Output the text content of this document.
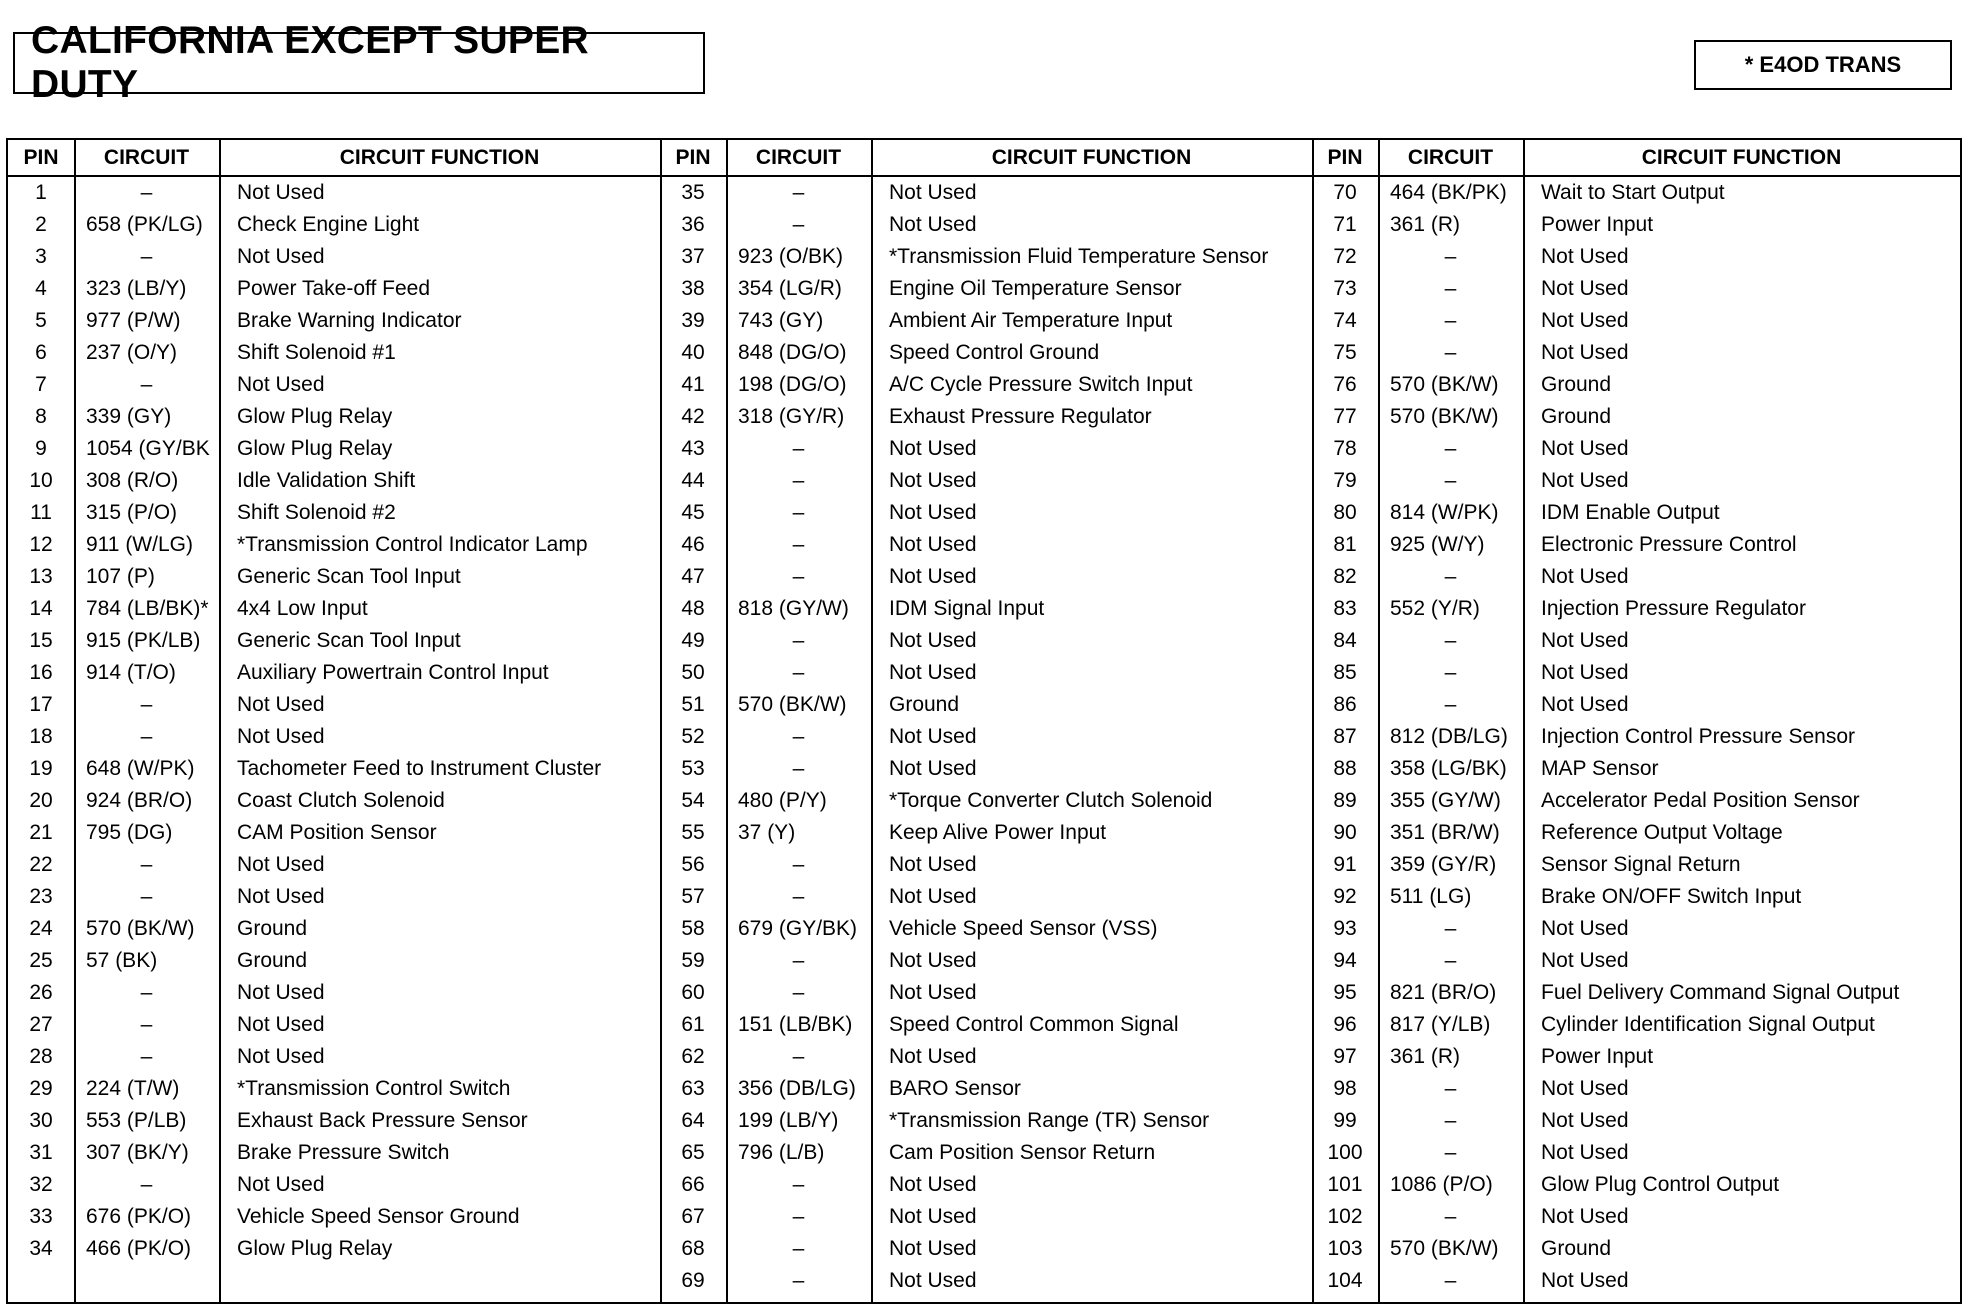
CALIFORNIA EXCEPT SUPER DUTY	* E4OD TRANS
PIN	CIRCUIT	CIRCUIT FUNCTION
1	–	Not Used
2	658 (PK/LG)	Check Engine Light
3	–	Not Used
4	323 (LB/Y)	Power Take-off Feed
5	977 (P/W)	Brake Warning Indicator
6	237 (O/Y)	Shift Solenoid #1
7	–	Not Used
8	339 (GY)	Glow Plug Relay
9	1054 (GY/BK	Glow Plug Relay
10	308 (R/O)	Idle Validation Shift
11	315 (P/O)	Shift Solenoid #2
12	911 (W/LG)	*Transmission Control Indicator Lamp
13	107 (P)	Generic Scan Tool Input
14	784 (LB/BK)*	4x4 Low Input
15	915 (PK/LB)	Generic Scan Tool Input
16	914 (T/O)	Auxiliary Powertrain Control Input
17	–	Not Used
18	–	Not Used
19	648 (W/PK)	Tachometer Feed to Instrument Cluster
20	924 (BR/O)	Coast Clutch Solenoid
21	795 (DG)	CAM Position Sensor
22	–	Not Used
23	–	Not Used
24	570 (BK/W)	Ground
25	57 (BK)	Ground
26	–	Not Used
27	–	Not Used
28	–	Not Used
29	224 (T/W)	*Transmission Control Switch
30	553 (P/LB)	Exhaust Back Pressure Sensor
31	307 (BK/Y)	Brake Pressure Switch
32	–	Not Used
33	676 (PK/O)	Vehicle Speed Sensor Ground
34	466 (PK/O)	Glow Plug Relay
PIN	CIRCUIT	CIRCUIT FUNCTION
35	–	Not Used
36	–	Not Used
37	923 (O/BK)	*Transmission Fluid Temperature Sensor
38	354 (LG/R)	Engine Oil Temperature Sensor
39	743 (GY)	Ambient Air Temperature Input
40	848 (DG/O)	Speed Control Ground
41	198 (DG/O)	A/C Cycle Pressure Switch Input
42	318 (GY/R)	Exhaust Pressure Regulator
43	–	Not Used
44	–	Not Used
45	–	Not Used
46	–	Not Used
47	–	Not Used
48	818 (GY/W)	IDM Signal Input
49	–	Not Used
50	–	Not Used
51	570 (BK/W)	Ground
52	–	Not Used
53	–	Not Used
54	480 (P/Y)	*Torque Converter Clutch Solenoid
55	37 (Y)	Keep Alive Power Input
56	–	Not Used
57	–	Not Used
58	679 (GY/BK)	Vehicle Speed Sensor (VSS)
59	–	Not Used
60	–	Not Used
61	151 (LB/BK)	Speed Control Common Signal
62	–	Not Used
63	356 (DB/LG)	BARO Sensor
64	199 (LB/Y)	*Transmission Range (TR) Sensor
65	796 (L/B)	Cam Position Sensor Return
66	–	Not Used
67	–	Not Used
68	–	Not Used
69	–	Not Used
PIN	CIRCUIT	CIRCUIT FUNCTION
70	464 (BK/PK)	Wait to Start Output
71	361 (R)	Power Input
72	–	Not Used
73	–	Not Used
74	–	Not Used
75	–	Not Used
76	570 (BK/W)	Ground
77	570 (BK/W)	Ground
78	–	Not Used
79	–	Not Used
80	814 (W/PK)	IDM Enable Output
81	925 (W/Y)	Electronic Pressure Control
82	–	Not Used
83	552 (Y/R)	Injection Pressure Regulator
84	–	Not Used
85	–	Not Used
86	–	Not Used
87	812 (DB/LG)	Injection Control Pressure Sensor
88	358 (LG/BK)	MAP Sensor
89	355 (GY/W)	Accelerator Pedal Position Sensor
90	351 (BR/W)	Reference Output Voltage
91	359 (GY/R)	Sensor Signal Return
92	511 (LG)	Brake ON/OFF Switch Input
93	–	Not Used
94	–	Not Used
95	821 (BR/O)	Fuel Delivery Command Signal Output
96	817 (Y/LB)	Cylinder Identification Signal Output
97	361 (R)	Power Input
98	–	Not Used
99	–	Not Used
100	–	Not Used
101	1086 (P/O)	Glow Plug Control Output
102	–	Not Used
103	570 (BK/W)	Ground
104	–	Not Used
